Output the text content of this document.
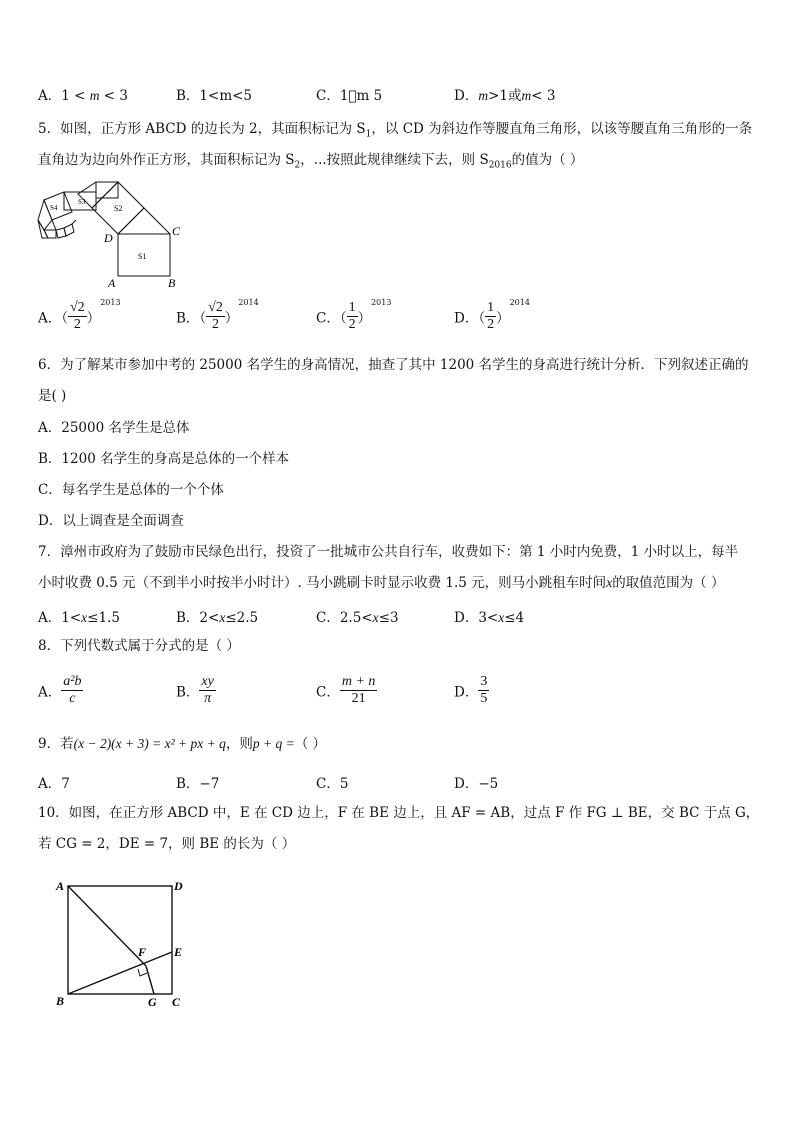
A．1 < m < 3	B．1<m<5	C．1􀀂m 5	D．m>1或m< 3
5．如图，正方形 ABCD 的边长为 2，其面积标记为 $S_1$，以 CD 为斜边作等腰直角三角形，以该等腰直角三角形的一条
直角边为边向外作正方形，其面积标记为 $S_2$，...按照此规律继续下去，则 $S_{2016}$的值为（ ）
S1
S2
S3
S4
D	C
A	B
A．（ $\frac{√2}{2} )^{2013}$
B．（ $\frac{√2}{2} )^{2014}$
C．（ $\frac{1}{2} )^{2013}$
D．（ $\frac{1}{2} )^{2014}$
6．为了解某市参加中考的 25000 名学生的身高情况，抽查了其中 1200 名学生的身高进行统计分析．下列叙述正确的
是( )
A．25000 名学生是总体
B．1200 名学生的身高是总体的一个样本
C．每名学生是总体的一个个体
D．以上调查是全面调查
7．漳州市政府为了鼓励市民绿色出行，投资了一批城市公共自行车，收费如下：第 1 小时内免费，1 小时以上，每半
小时收费 0.5 元（不到半小时按半小时计）. 马小跳刷卡时显示收费 1.5 元，则马小跳租车时间x的取值范围为（ ）
A．1<x≤1.5	B．2<x≤2.5	C．2.5<x≤3	D．3<x≤4
8．下列代数式属于分式的是（ ）
A． $\frac{\text{a²b}}{c}$	B． $\frac{xy}{\pi}$	C． $\frac{m + n}{21}$	D． $\frac{3}{5}$
9．若(x − 2)(x + 3) = x² + px + q，则p + q =（ ）
A．7	B．−7	C．5	D．−5
10．如图，在正方形 ABCD 中，E 在 CD 边上，F 在 BE 边上，且 AF = AB，过点 F 作 FG ⊥ BE，交 BC 于点 G，
若 CG = 2，DE = 7，则 BE 的长为（ ）
A	D
E
F
B	G C
